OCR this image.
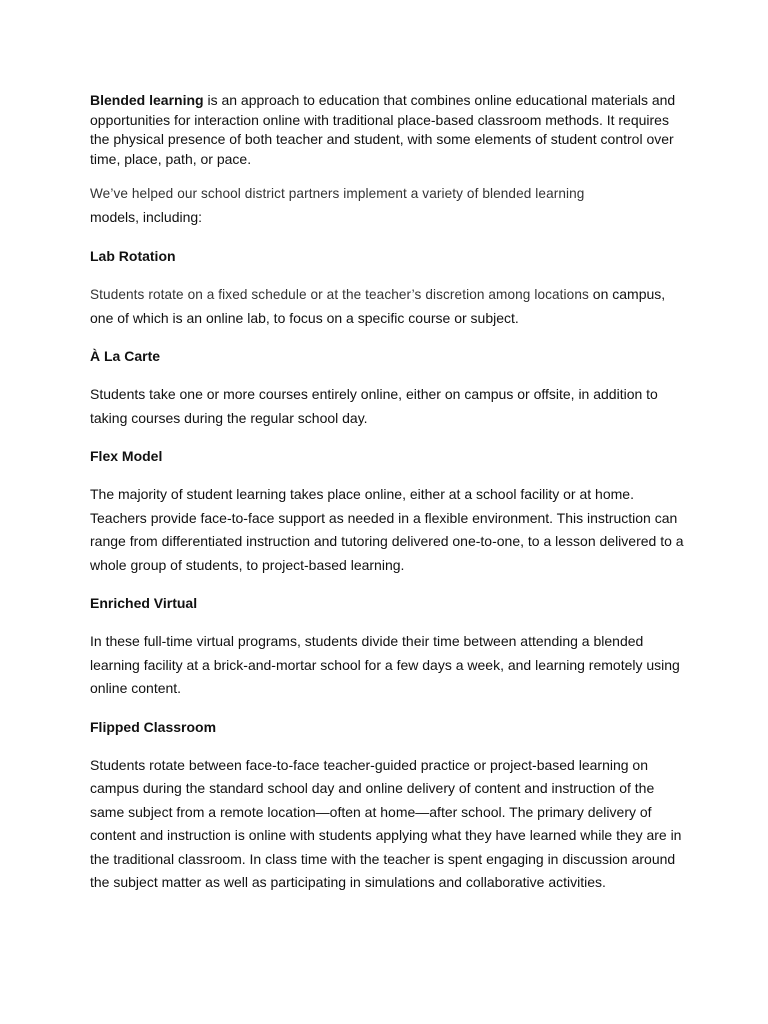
Blended learning is an approach to education that combines online educational materials and opportunities for interaction online with traditional place-based classroom methods. It requires the physical presence of both teacher and student, with some elements of student control over time, place, path, or pace.

We’ve helped our school district partners implement a variety of blended learning
models, including:

Lab Rotation

Students rotate on a fixed schedule or at the teacher’s discretion among locations on campus, one of which is an online lab, to focus on a specific course or subject.

À La Carte

Students take one or more courses entirely online, either on campus or offsite, in addition to taking courses during the regular school day.

Flex Model

The majority of student learning takes place online, either at a school facility or at home. Teachers provide face-to-face support as needed in a flexible environment. This instruction can range from differentiated instruction and tutoring delivered one-to-one, to a lesson delivered to a whole group of students, to project-based learning.

Enriched Virtual

In these full-time virtual programs, students divide their time between attending a blended learning facility at a brick-and-mortar school for a few days a week, and learning remotely using online content.

Flipped Classroom

Students rotate between face-to-face teacher-guided practice or project-based learning on campus during the standard school day and online delivery of content and instruction of the same subject from a remote location—often at home—after school. The primary delivery of content and instruction is online with students applying what they have learned while they are in the traditional classroom. In class time with the teacher is spent engaging in discussion around the subject matter as well as participating in simulations and collaborative activities.
